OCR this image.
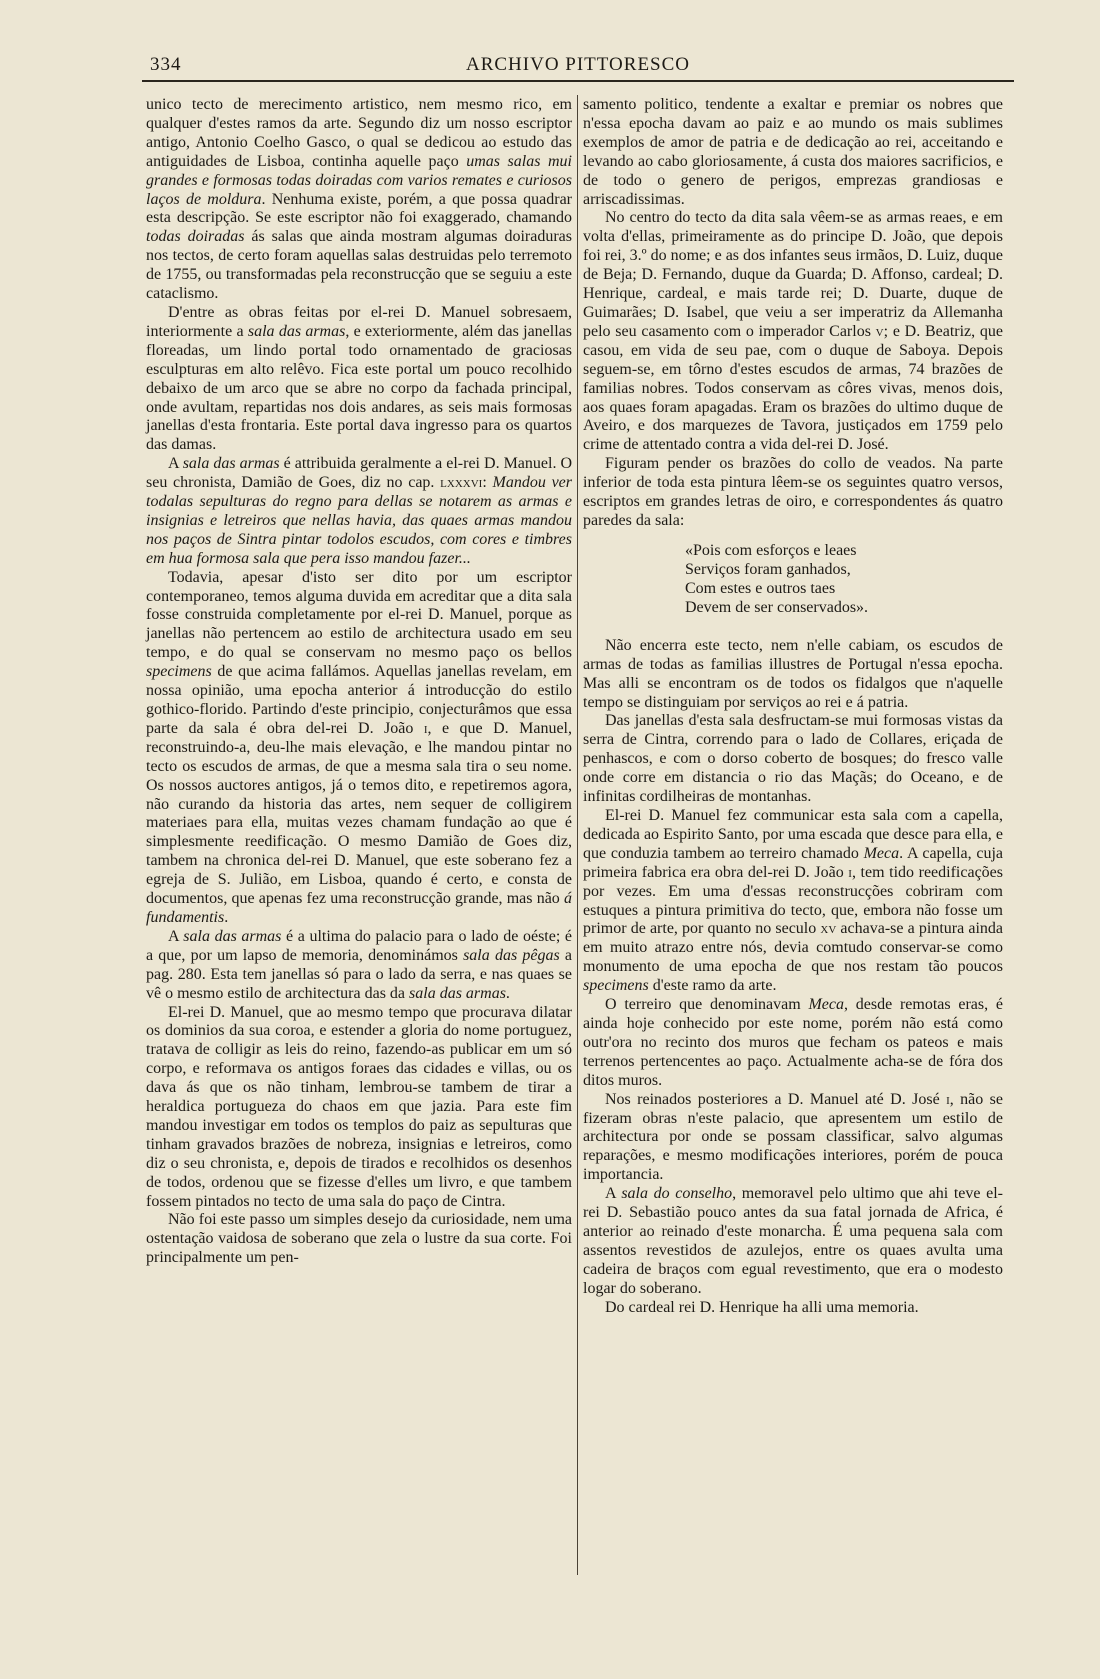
334	ARCHIVO PITTORESCO

unico tecto de merecimento artistico, nem mesmo rico, em qualquer d'estes ramos da arte. Segundo diz um nosso escriptor antigo, Antonio Coelho Gasco, o qual se dedicou ao estudo das antiguidades de Lisboa, continha aquelle paço umas salas mui grandes e formosas todas doiradas com varios remates e curiosos laços de moldura. Nenhuma existe, porém, a que possa quadrar esta descripção. Se este escriptor não foi exaggerado, chamando todas doiradas ás salas que ainda mostram algumas doiraduras nos tectos, de certo foram aquellas salas destruidas pelo terremoto de 1755, ou transformadas pela reconstrucção que se seguiu a este cataclismo.

D'entre as obras feitas por el-rei D. Manuel sobresaem, interiormente a sala das armas, e exteriormente, além das janellas floreadas, um lindo portal todo ornamentado de graciosas esculpturas em alto relêvo. Fica este portal um pouco recolhido debaixo de um arco que se abre no corpo da fachada principal, onde avultam, repartidas nos dois andares, as seis mais formosas janellas d'esta frontaria. Este portal dava ingresso para os quartos das damas.

A sala das armas é attribuida geralmente a el-rei D. Manuel. O seu chronista, Damião de Goes, diz no cap. lxxxvi: Mandou ver todalas sepulturas do regno para dellas se notarem as armas e insignias e letreiros que nellas havia, das quaes armas mandou nos paços de Sintra pintar todolos escudos, com cores e timbres em hua formosa sala que pera isso mandou fazer...

Todavia, apesar d'isto ser dito por um escriptor contemporaneo, temos alguma duvida em acreditar que a dita sala fosse construida completamente por el-rei D. Manuel, porque as janellas não pertencem ao estilo de architectura usado em seu tempo, e do qual se conservam no mesmo paço os bellos specimens de que acima fallámos. Aquellas janellas revelam, em nossa opinião, uma epocha anterior á introducção do estilo gothico-florido. Partindo d'este principio, conjecturâmos que essa parte da sala é obra del-rei D. João i, e que D. Manuel, reconstruindo-a, deu-lhe mais elevação, e lhe mandou pintar no tecto os escudos de armas, de que a mesma sala tira o seu nome. Os nossos auctores antigos, já o temos dito, e repetiremos agora, não curando da historia das artes, nem sequer de colligirem materiaes para ella, muitas vezes chamam fundação ao que é simplesmente reedificação. O mesmo Damião de Goes diz, tambem na chronica del-rei D. Manuel, que este soberano fez a egreja de S. Julião, em Lisboa, quando é certo, e consta de documentos, que apenas fez uma reconstrucção grande, mas não á fundamentis.

A sala das armas é a ultima do palacio para o lado de oéste; é a que, por um lapso de memoria, denominámos sala das pêgas a pag. 280. Esta tem janellas só para o lado da serra, e nas quaes se vê o mesmo estilo de architectura das da sala das armas.

El-rei D. Manuel, que ao mesmo tempo que procurava dilatar os dominios da sua coroa, e estender a gloria do nome portuguez, tratava de colligir as leis do reino, fazendo-as publicar em um só corpo, e reformava os antigos foraes das cidades e villas, ou os dava ás que os não tinham, lembrou-se tambem de tirar a heraldica portugueza do chaos em que jazia. Para este fim mandou investigar em todos os templos do paiz as sepulturas que tinham gravados brazões de nobreza, insignias e letreiros, como diz o seu chronista, e, depois de tirados e recolhidos os desenhos de todos, ordenou que se fizesse d'elles um livro, e que tambem fossem pintados no tecto de uma sala do paço de Cintra.

Não foi este passo um simples desejo da curiosidade, nem uma ostentação vaidosa de soberano que zela o lustre da sua corte. Foi principalmente um pen-

samento politico, tendente a exaltar e premiar os nobres que n'essa epocha davam ao paiz e ao mundo os mais sublimes exemplos de amor de patria e de dedicação ao rei, acceitando e levando ao cabo gloriosamente, á custa dos maiores sacrificios, e de todo o genero de perigos, emprezas grandiosas e arriscadissimas.

No centro do tecto da dita sala vêem-se as armas reaes, e em volta d'ellas, primeiramente as do principe D. João, que depois foi rei, 3.º do nome; e as dos infantes seus irmãos, D. Luiz, duque de Beja; D. Fernando, duque da Guarda; D. Affonso, cardeal; D. Henrique, cardeal, e mais tarde rei; D. Duarte, duque de Guimarães; D. Isabel, que veiu a ser imperatriz da Allemanha pelo seu casamento com o imperador Carlos v; e D. Beatriz, que casou, em vida de seu pae, com o duque de Saboya. Depois seguem-se, em tôrno d'estes escudos de armas, 74 brazões de familias nobres. Todos conservam as côres vivas, menos dois, aos quaes foram apagadas. Eram os brazões do ultimo duque de Aveiro, e dos marquezes de Tavora, justiçados em 1759 pelo crime de attentado contra a vida del-rei D. José.

Figuram pender os brazões do collo de veados. Na parte inferior de toda esta pintura lêem-se os seguintes quatro versos, escriptos em grandes letras de oiro, e correspondentes ás quatro paredes da sala:

«Pois com esforços e leaes
Serviços foram ganhados,
Com estes e outros taes
Devem de ser conservados».

Não encerra este tecto, nem n'elle cabiam, os escudos de armas de todas as familias illustres de Portugal n'essa epocha. Mas alli se encontram os de todos os fidalgos que n'aquelle tempo se distinguiam por serviços ao rei e á patria.

Das janellas d'esta sala desfructam-se mui formosas vistas da serra de Cintra, correndo para o lado de Collares, eriçada de penhascos, e com o dorso coberto de bosques; do fresco valle onde corre em distancia o rio das Maçãs; do Oceano, e de infinitas cordilheiras de montanhas.

El-rei D. Manuel fez communicar esta sala com a capella, dedicada ao Espirito Santo, por uma escada que desce para ella, e que conduzia tambem ao terreiro chamado Meca. A capella, cuja primeira fabrica era obra del-rei D. João i, tem tido reedificações por vezes. Em uma d'essas reconstrucções cobriram com estuques a pintura primitiva do tecto, que, embora não fosse um primor de arte, por quanto no seculo xv achava-se a pintura ainda em muito atrazo entre nós, devia comtudo conservar-se como monumento de uma epocha de que nos restam tão poucos specimens d'este ramo da arte.

O terreiro que denominavam Meca, desde remotas eras, é ainda hoje conhecido por este nome, porém não está como outr'ora no recinto dos muros que fecham os pateos e mais terrenos pertencentes ao paço. Actualmente acha-se de fóra dos ditos muros.

Nos reinados posteriores a D. Manuel até D. José i, não se fizeram obras n'este palacio, que apresentem um estilo de architectura por onde se possam classificar, salvo algumas reparações, e mesmo modificações interiores, porém de pouca importancia.

A sala do conselho, memoravel pelo ultimo que ahi teve el-rei D. Sebastião pouco antes da sua fatal jornada de Africa, é anterior ao reinado d'este monarcha. É uma pequena sala com assentos revestidos de azulejos, entre os quaes avulta uma cadeira de braços com egual revestimento, que era o modesto logar do soberano.

Do cardeal rei D. Henrique ha alli uma memoria.
